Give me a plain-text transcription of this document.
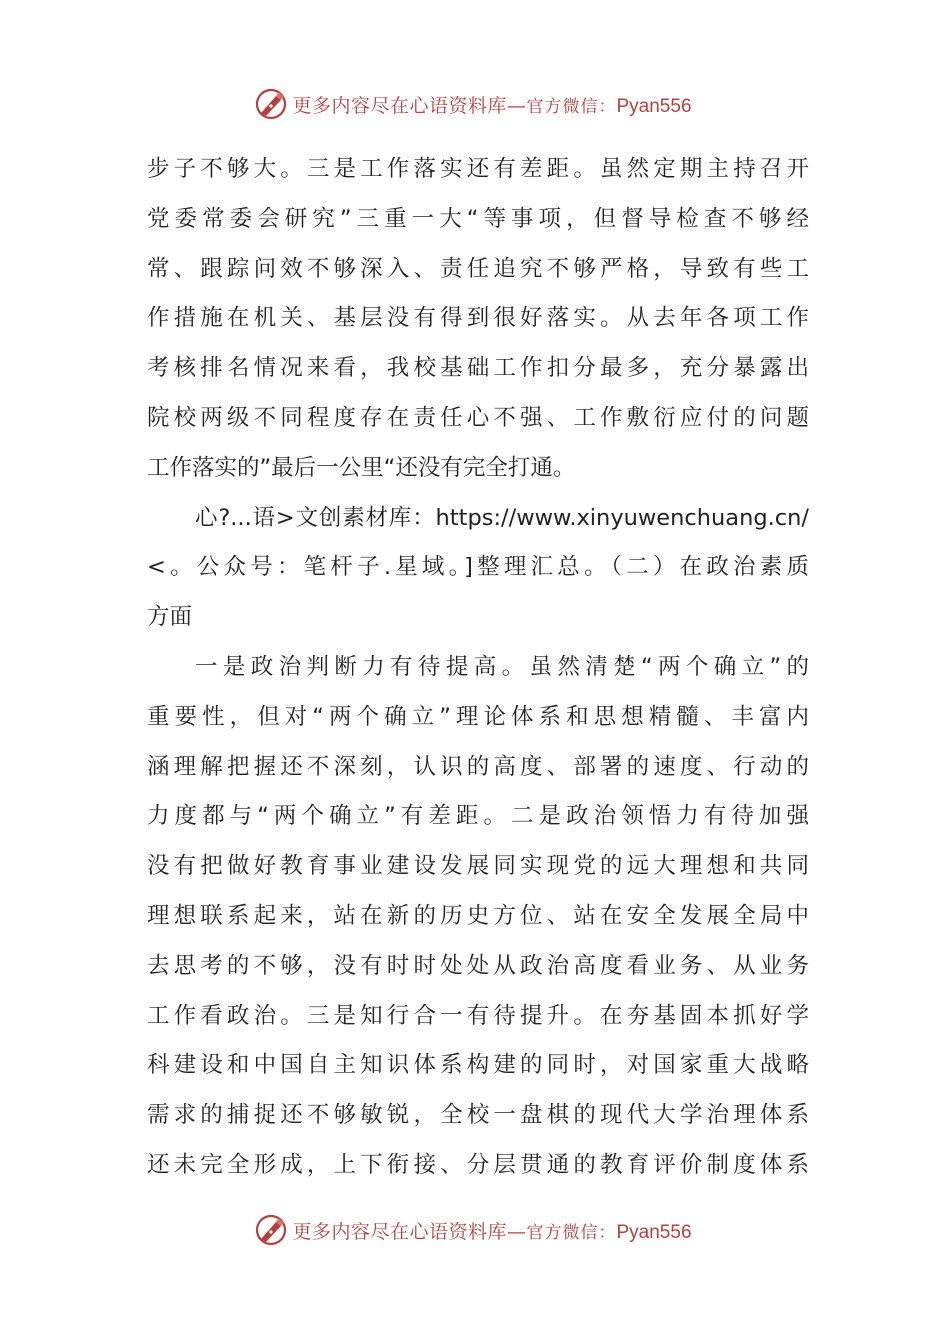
更多内容尽在心语资料库—官方微信：Pyan556
步子不够大。三是工作落实还有差距。虽然定期主持召开
党委常委会研究”三重一大“等事项，但督导检查不够经
常、跟踪问效不够深入、责任追究不够严格，导致有些工
作措施在机关、基层没有得到很好落实。从去年各项工作
考核排名情况来看，我校基础工作扣分最多，充分暴露出
院校两级不同程度存在责任心不强、工作敷衍应付的问题
工作落实的”最后一公里“还没有完全打通。
心?...语>文创素材库：https://www.xinyuwenchuang.cn/
<。公众号：笔杆子.星域。]整理汇总。（二）在政治素质
方面
一是政治判断力有待提高。虽然清楚“两个确立”的
重要性，但对“两个确立”理论体系和思想精髓、丰富内
涵理解把握还不深刻，认识的高度、部署的速度、行动的
力度都与“两个确立”有差距。二是政治领悟力有待加强
没有把做好教育事业建设发展同实现党的远大理想和共同
理想联系起来，站在新的历史方位、站在安全发展全局中
去思考的不够，没有时时处处从政治高度看业务、从业务
工作看政治。三是知行合一有待提升。在夯基固本抓好学
科建设和中国自主知识体系构建的同时，对国家重大战略
需求的捕捉还不够敏锐，全校一盘棋的现代大学治理体系
还未完全形成，上下衔接、分层贯通的教育评价制度体系
更多内容尽在心语资料库—官方微信：Pyan556
